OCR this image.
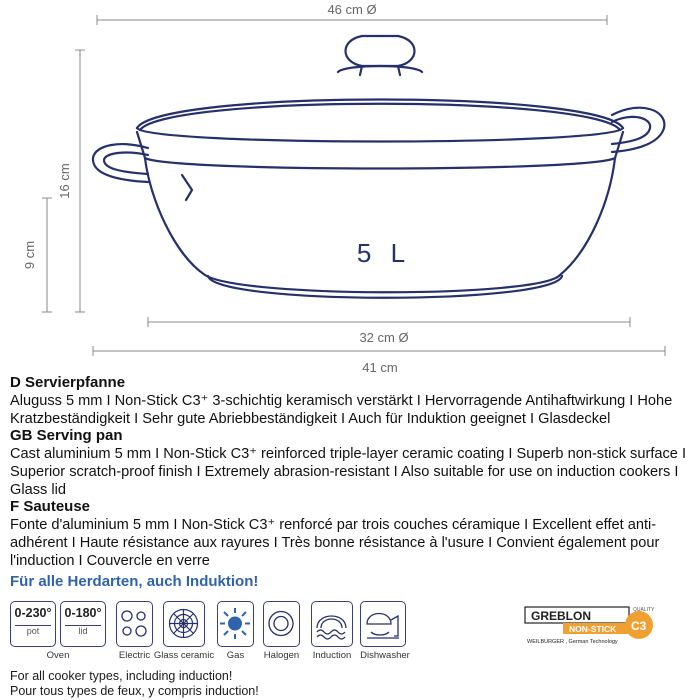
46 cm Ø
16 cm
9 cm
32 cm Ø
41 cm
5 L

D Servierpfanne

Aluguss 5 mm I Non-Stick C3⁺ 3-schichtig keramisch verstärkt I Hervorragende Antihaftwirkung I Hohe Kratzbeständigkeit I Sehr gute Abriebbeständigkeit I Auch für Induktion geeignet I Glasdeckel

GB Serving pan

Cast aluminium 5 mm I Non-Stick C3⁺ reinforced triple-layer ceramic coating I Superb non-stick surface I Superior scratch-proof finish I Extremely abrasion-resistant I Also suitable for use on induction cookers I Glass lid

F Sauteuse

Fonte d'aluminium 5 mm I Non-Stick C3⁺ renforcé par trois couches céramique I Excellent effet anti-adhérent I Haute résistance aux rayures I Très bonne résistance à l'usure I Convient également pour l'induction I Couvercle en verre

Für alle Herdarten, auch Induktion!
0-230°
pot
0-180°
lid
Oven	Electric Glass ceramic	Gas	Halogen	Induction Dishwasher
GREBLON
NON-STICK C3
QUALITY
WEILBURGER , German Technology
For all cooker types, including induction!
Pour tous types de feux, y compris induction!
